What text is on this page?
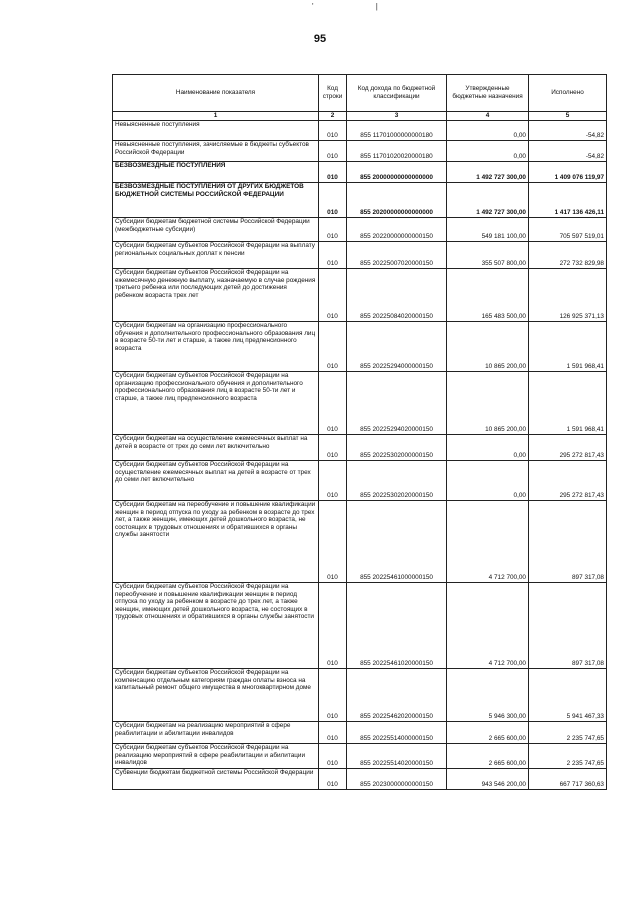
' |
95
Наименование показателя	Код строки	Код дохода по бюджетной классификации	Утвержденные бюджетные назначения	Исполнено
1	2	3	4	5
Невыясненные поступления	010	855 11701000000000180	0,00	-54,82
Невыясненные поступления, зачисляемые в бюджеты субъектов Российской Федерации	010	855 11701020020000180	0,00	-54,82
БЕЗВОЗМЕЗДНЫЕ ПОСТУПЛЕНИЯ	010	855 20000000000000000	1 492 727 300,00	1 409 076 119,97
БЕЗВОЗМЕЗДНЫЕ ПОСТУПЛЕНИЯ ОТ ДРУГИХ БЮДЖЕТОВ БЮДЖЕТНОЙ СИСТЕМЫ РОССИЙСКОЙ ФЕДЕРАЦИИ	010	855 20200000000000000	1 492 727 300,00	1 417 136 426,11
Субсидии бюджетам бюджетной системы Российской Федерации (межбюджетные субсидии)	010	855 20220000000000150	549 181 100,00	705 597 519,01
Субсидии бюджетам субъектов Российской Федерации на выплату региональных социальных доплат к пенсии	010	855 20225007020000150	355 507 800,00	272 732 829,98
Субсидии бюджетам субъектов Российской Федерации на ежемесячную денежную выплату, назначаемую в случае рождения третьего ребенка или последующих детей до достижения ребенком возраста трех лет	010	855 20225084020000150	165 483 500,00	126 925 371,13
Субсидии бюджетам на организацию профессионального обучения и дополнительного профессионального образования лиц в возрасте 50-ти лет и старше, а также лиц предпенсионного возраста	010	855 20225294000000150	10 865 200,00	1 591 968,41
Субсидии бюджетам субъектов Российской Федерации на организацию профессионального обучения и дополнительного профессионального образования лиц в возрасте 50-ти лет и старше, а также лиц предпенсионного возраста	010	855 20225294020000150	10 865 200,00	1 591 968,41
Субсидии бюджетам на осуществление ежемесячных выплат на детей в возрасте от трех до семи лет включительно	010	855 20225302000000150	0,00	295 272 817,43
Субсидии бюджетам субъектов Российской Федерации на осуществление ежемесячных выплат на детей в возрасте от трех до семи лет включительно	010	855 20225302020000150	0,00	295 272 817,43
Субсидии бюджетам на переобучение и повышение квалификации женщин в период отпуска по уходу за ребенком в возрасте до трех лет, а также женщин, имеющих детей дошкольного возраста, не состоящих в трудовых отношениях и обратившихся в органы службы занятости	010	855 20225461000000150	4 712 700,00	897 317,08
Субсидии бюджетам субъектов Российской Федерации на переобучение и повышение квалификации женщин в период отпуска по уходу за ребенком в возрасте до трех лет, а также женщин, имеющих детей дошкольного возраста, не состоящих в трудовых отношениях и обратившихся в органы службы занятости	010	855 20225461020000150	4 712 700,00	897 317,08
Субсидии бюджетам субъектов Российской Федерации на компенсацию отдельным категориям граждан оплаты взноса на капитальный ремонт общего имущества в многоквартирном доме	010	855 20225462020000150	5 946 300,00	5 941 467,33
Субсидии бюджетам на реализацию мероприятий в сфере реабилитации и абилитации инвалидов	010	855 20225514000000150	2 665 600,00	2 235 747,65
Субсидии бюджетам субъектов Российской Федерации на реализацию мероприятий в сфере реабилитации и абилитации инвалидов	010	855 20225514020000150	2 665 600,00	2 235 747,65
Субвенции бюджетам бюджетной системы Российской Федерации	010	855 20230000000000150	943 546 200,00	667 717 360,63
